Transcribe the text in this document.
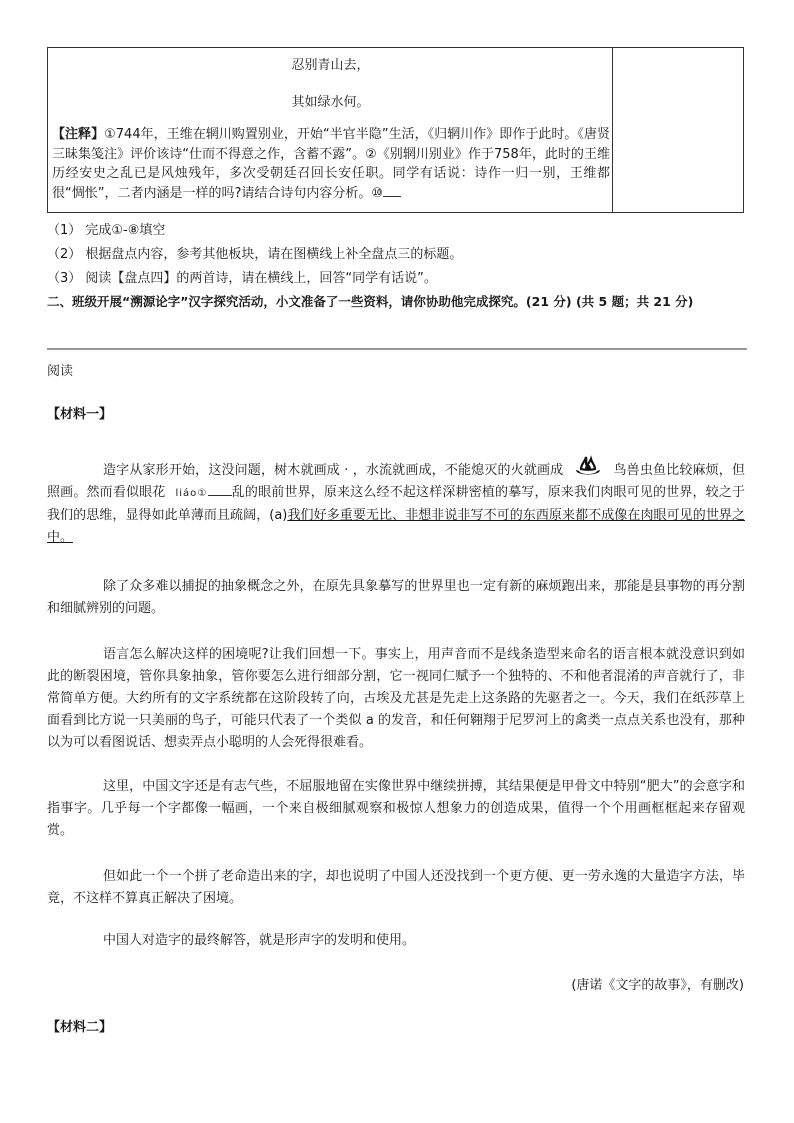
忍别青山去，
其如绿水何。
【注释】①744年，王维在辋川购置别业，开始“半官半隐”生活，《归辋川作》即作于此时。《唐贤三昧集笺注》评价该诗“仕而不得意之作，含蓄不露”。②《别辋川别业》作于758年，此时的王维历经安史之乱已是风烛残年，多次受朝廷召回长安任职。同学有话说：诗作一归一别，王维都很“惆怅”，二者内涵是一样的吗?请结合诗句内容分析。⑩
（1） 完成①-⑧填空
（2） 根据盘点内容，参考其他板块，请在图横线上补全盘点三的标题。
（3） 阅读【盘点四】的两首诗，请在横线上，回答“同学有话说”。
二、班级开展“溯源论字”汉字探究活动，小文准备了一些资料，请你协助他完成探究。(21 分) (共 5 题；共 21 分)
阅读
【材料一】
造字从家形开始，这没问题，树木就画成 · ，水流就画成，不能熄灭的火就画成	鸟兽虫鱼比较麻烦，但照画。然而看似眼花 liáo① 乱的眼前世界，原来这么经不起这样深耕密植的摹写，原来我们肉眼可见的世界，较之于我们的思维，显得如此单薄而且疏阔，(a)我们好多重要无比、非想非说非写不可的东西原来都不成像在肉眼可见的世界之中。
除了众多难以捕捉的抽象概念之外，在原先具象摹写的世界里也一定有新的麻烦跑出来，那能是县事物的再分割和细腻辨别的问题。
语言怎么解决这样的困境呢?让我们回想一下。事实上，用声音而不是线条造型来命名的语言根本就没意识到如此的断裂困境，管你具象抽象，管你要怎么进行细部分割，它一视同仁赋予一个独特的、不和他者混淆的声音就行了，非常简单方便。大约所有的文字系统都在这阶段转了向，古埃及尤甚是先走上这条路的先驱者之一。今天，我们在纸莎草上面看到比方说一只美丽的鸟子，可能只代表了一个类似 a 的发音，和任何翱翔于尼罗河上的禽类一点点关系也没有，那种以为可以看图说话、想卖弄点小聪明的人会死得很难看。
这里，中国文字还是有志气些，不屈服地留在实像世界中继续拼搏，其结果便是甲骨文中特别“肥大”的会意字和指事字。几乎每一个字都像一幅画，一个来自极细腻观察和极惊人想象力的创造成果，值得一个个用画框框起来存留观赏。
但如此一个一个拼了老命造出来的字，却也说明了中国人还没找到一个更方便、更一劳永逸的大量造字方法，毕竟，不这样不算真正解决了困境。
中国人对造字的最终解答，就是形声字的发明和使用。
(唐诺《文字的故事》，有删改)
【材料二】
